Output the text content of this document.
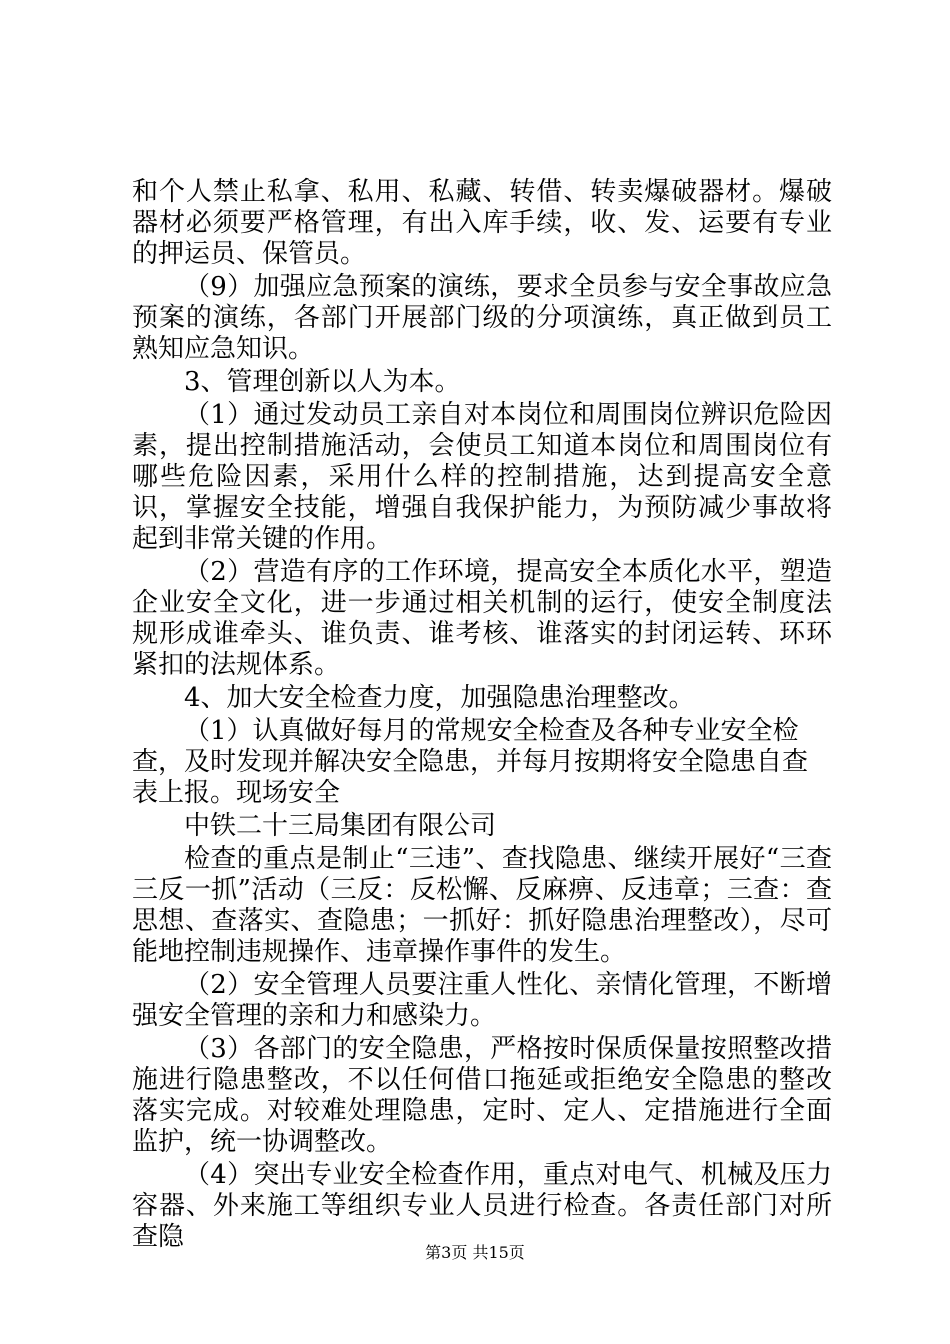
和个人禁止私拿、私用、私藏、转借、转卖爆破器材。爆破器材必须要严格管理，有出入库手续，收、发、运要有专业的押运员、保管员。

（9）加强应急预案的演练，要求全员参与安全事故应急预案的演练，各部门开展部门级的分项演练，真正做到员工熟知应急知识。

3、管理创新以人为本。

（1）通过发动员工亲自对本岗位和周围岗位辨识危险因素，提出控制措施活动，会使员工知道本岗位和周围岗位有哪些危险因素，采用什么样的控制措施，达到提高安全意识，掌握安全技能，增强自我保护能力，为预防减少事故将起到非常关键的作用。

（2）营造有序的工作环境，提高安全本质化水平，塑造企业安全文化，进一步通过相关机制的运行，使安全制度法规形成谁牵头、谁负责、谁考核、谁落实的封闭运转、环环紧扣的法规体系。

4、加大安全检查力度，加强隐患治理整改。

（1）认真做好每月的常规安全检查及各种专业安全检查，及时发现并解决安全隐患，并每月按期将安全隐患自查表上报。现场安全

中铁二十三局集团有限公司

检查的重点是制止“三违”、查找隐患、继续开展好“三查三反一抓”活动（三反：反松懈、反麻痹、反违章；三查：查思想、查落实、查隐患；一抓好：抓好隐患治理整改），尽可能地控制违规操作、违章操作事件的发生。

（2）安全管理人员要注重人性化、亲情化管理，不断增强安全管理的亲和力和感染力。

（3）各部门的安全隐患，严格按时保质保量按照整改措施进行隐患整改，不以任何借口拖延或拒绝安全隐患的整改落实完成。对较难处理隐患，定时、定人、定措施进行全面监护，统一协调整改。

（4）突出专业安全检查作用，重点对电气、机械及压力容器、外来施工等组织专业人员进行检查。各责任部门对所查隐

第3页 共15页
